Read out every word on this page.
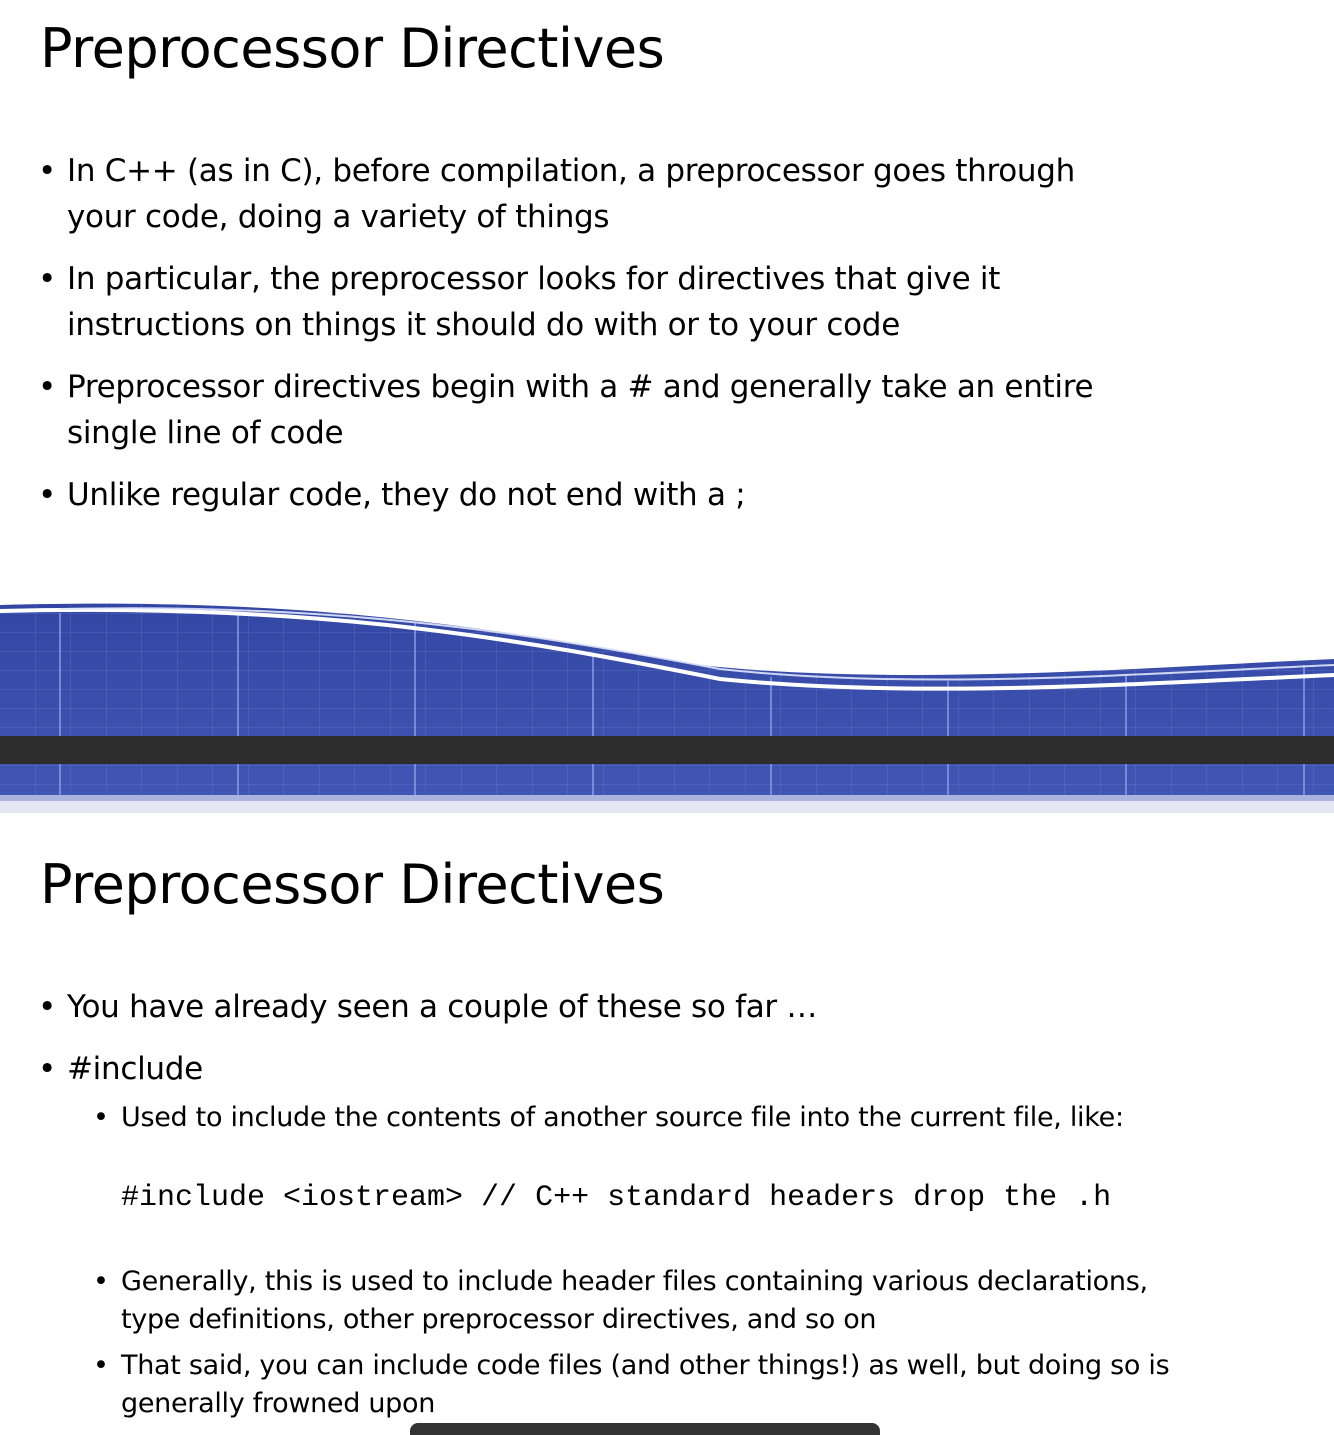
Preprocessor Directives
• In C++ (as in C), before compilation, a preprocessor goes through
your code, doing a variety of things
• In particular, the preprocessor looks for directives that give it
instructions on things it should do with or to your code
• Preprocessor directives begin with a # and generally take an entire
single line of code
• Unlike regular code, they do not end with a ;
Preprocessor Directives
• You have already seen a couple of these so far …
• #include
• Used to include the contents of another source file into the current file, like:
#include <iostream> // C++ standard headers drop the .h
• Generally, this is used to include header files containing various declarations,
type definitions, other preprocessor directives, and so on
• That said, you can include code files (and other things!) as well, but doing so is
generally frowned upon
